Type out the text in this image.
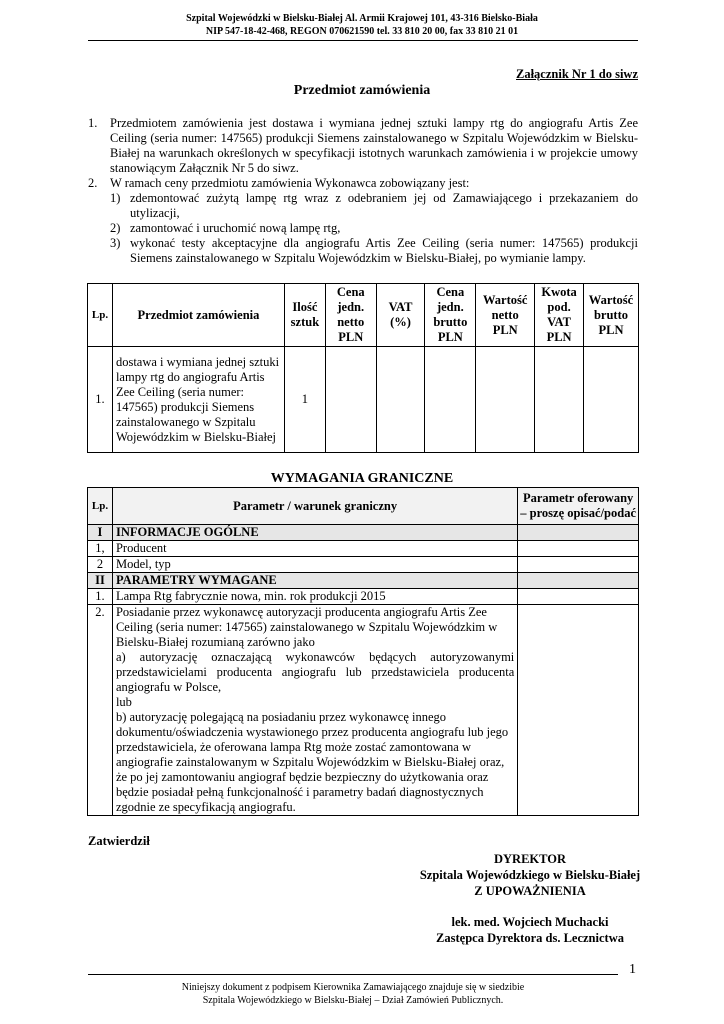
Szpital Wojewódzki w Bielsku-Białej Al. Armii Krajowej 101, 43-316 Bielsko-Biała
NIP 547-18-42-468, REGON 070621590 tel. 33 810 20 00, fax 33 810 21 01
Załącznik Nr 1 do siwz
Przedmiot zamówienia
1. Przedmiotem zamówienia jest dostawa i wymiana jednej sztuki lampy rtg do angiografu Artis Zee Ceiling (seria numer: 147565) produkcji Siemens zainstalowanego w Szpitalu Wojewódzkim w Bielsku-Białej na warunkach określonych w specyfikacji istotnych warunkach zamówienia i w projekcie umowy stanowiącym Załącznik Nr 5 do siwz.
2. W ramach ceny przedmiotu zamówienia Wykonawca zobowiązany jest:
1) zdemontować zużytą lampę rtg wraz z odebraniem jej od Zamawiającego i przekazaniem do utylizacji,
2) zamontować i uruchomić nową lampę rtg,
3) wykonać testy akceptacyjne dla angiografu Artis Zee Ceiling (seria numer: 147565) produkcji Siemens zainstalowanego w Szpitalu Wojewódzkim w Bielsku-Białej, po wymianie lampy.
Lp.	Przedmiot zamówienia	Ilość sztuk	Cena jedn. netto PLN	VAT (%)	Cena jedn. brutto PLN	Wartość netto PLN	Kwota pod. VAT PLN	Wartość brutto PLN
1.	dostawa i wymiana jednej sztuki lampy rtg do angiografu Artis Zee Ceiling (seria numer: 147565) produkcji Siemens zainstalowanego w Szpitalu Wojewódzkim w Bielsku-Białej	1						
WYMAGANIA GRANICZNE
Lp.	Parametr / warunek graniczny	Parametr oferowany – proszę opisać/podać
I	INFORMACJE OGÓLNE	
1,	Producent	
2	Model, typ	
II	PARAMETRY WYMAGANE	
1.	Lampa Rtg fabrycznie nowa, min. rok produkcji 2015	
2.	Posiadanie przez wykonawcę autoryzacji producenta angiografu Artis Zee Ceiling (seria numer: 147565) zainstalowanego w Szpitalu Wojewódzkim w Bielsku-Białej rozumianą zarówno jako
a) autoryzację oznaczającą wykonawców będących autoryzowanymi przedstawicielami producenta angiografu lub przedstawiciela producenta angiografu w Polsce,
lub
b) autoryzację polegającą na posiadaniu przez wykonawcę innego dokumentu/oświadczenia wystawionego przez producenta angiografu lub jego przedstawiciela, że oferowana lampa Rtg może zostać zamontowana w angiografie zainstalowanym w Szpitalu Wojewódzkim w Bielsku-Białej oraz, że po jej zamontowaniu angiograf będzie bezpieczny do użytkowania oraz będzie posiadał pełną funkcjonalność i parametry badań diagnostycznych zgodnie ze specyfikacją angiografu.	

Zatwierdził
DYREKTOR
Szpitala Wojewódzkiego w Bielsku-Białej
Z UPOWAŻNIENIA
lek. med. Wojciech Muchacki
Zastępca Dyrektora ds. Lecznictwa
1
Niniejszy dokument z podpisem Kierownika Zamawiającego znajduje się w siedzibie
Szpitala Wojewódzkiego w Bielsku-Białej – Dział Zamówień Publicznych.
